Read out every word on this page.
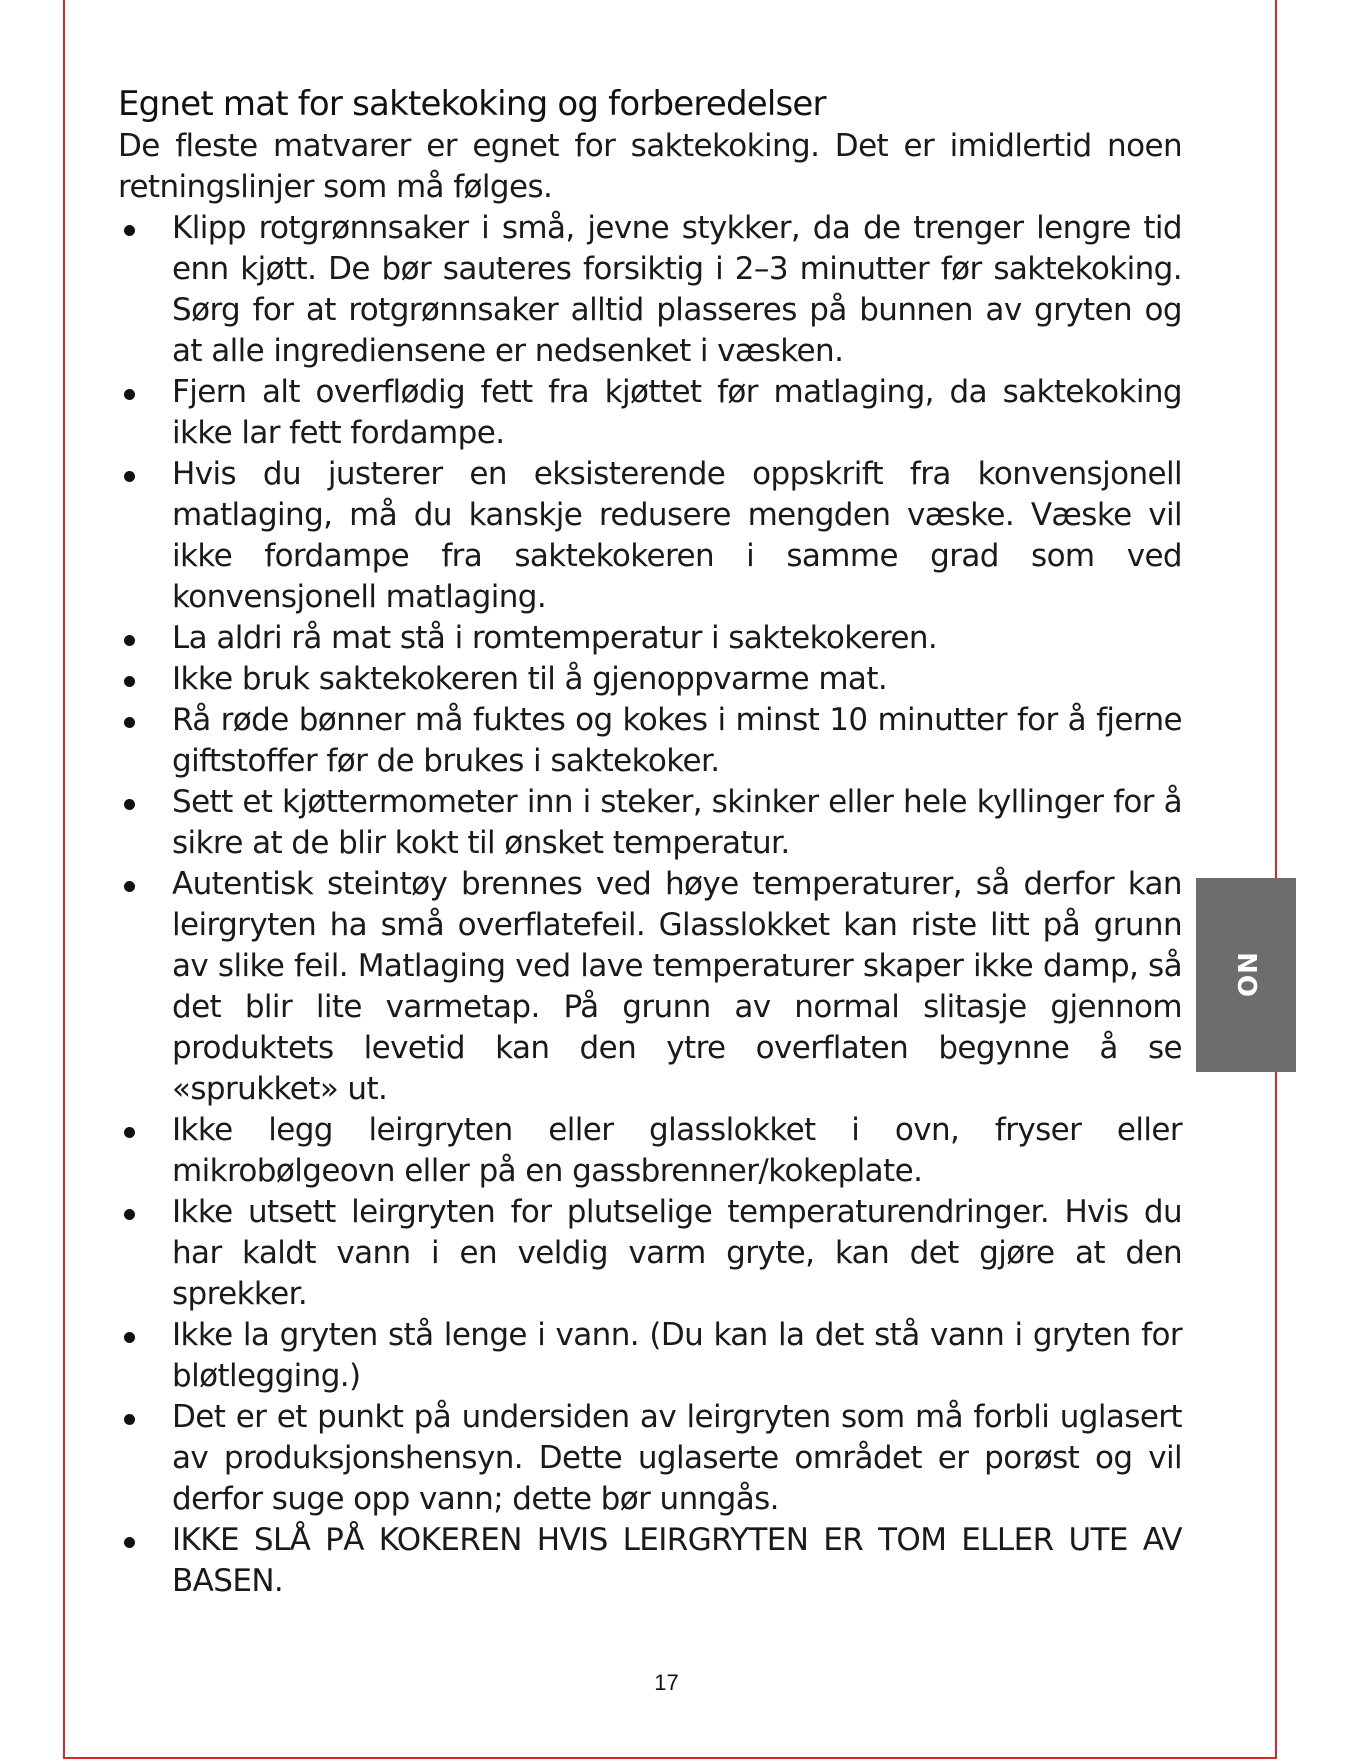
Egnet mat for saktekoking og forberedelser

De fleste matvarer er egnet for saktekoking. Det er imidlertid noen retningslinjer som må følges.

Klipp rotgrønnsaker i små, jevne stykker, da de trenger lengre tid enn kjøtt. De bør sauteres forsiktig i 2–3 minutter før saktekoking. Sørg for at rotgrønnsaker alltid plasseres på bunnen av gryten og at alle ingrediensene er nedsenket i væsken.
Fjern alt overflødig fett fra kjøttet før matlaging, da saktekoking ikke lar fett fordampe.
Hvis du justerer en eksisterende oppskrift fra konvensjonell matlaging, må du kanskje redusere mengden væske. Væske vil ikke fordampe fra saktekokeren i samme grad som ved konvensjonell matlaging.
La aldri rå mat stå i romtemperatur i saktekokeren.
Ikke bruk saktekokeren til å gjenoppvarme mat.
Rå røde bønner må fuktes og kokes i minst 10 minutter for å fjerne giftstoffer før de brukes i saktekoker.
Sett et kjøttermometer inn i steker, skinker eller hele kyllinger for å sikre at de blir kokt til ønsket temperatur.
Autentisk steintøy brennes ved høye temperaturer, så derfor kan leirgryten ha små overflatefeil. Glasslokket kan riste litt på grunn av slike feil. Matlaging ved lave temperaturer skaper ikke damp, så det blir lite varmetap. På grunn av normal slitasje gjennom produktets levetid kan den ytre overflaten begynne å se «sprukket» ut.
Ikke legg leirgryten eller glasslokket i ovn, fryser eller mikrobølgeovn eller på en gassbrenner/kokeplate.
Ikke utsett leirgryten for plutselige temperaturendringer. Hvis du har kaldt vann i en veldig varm gryte, kan det gjøre at den sprekker.
Ikke la gryten stå lenge i vann. (Du kan la det stå vann i gryten for bløtlegging.)
Det er et punkt på undersiden av leirgryten som må forbli uglasert av produksjonshensyn. Dette uglaserte området er porøst og vil derfor suge opp vann; dette bør unngås.
IKKE SLÅ PÅ KOKEREN HVIS LEIRGRYTEN ER TOM ELLER UTE AV BASEN.
NO
17
